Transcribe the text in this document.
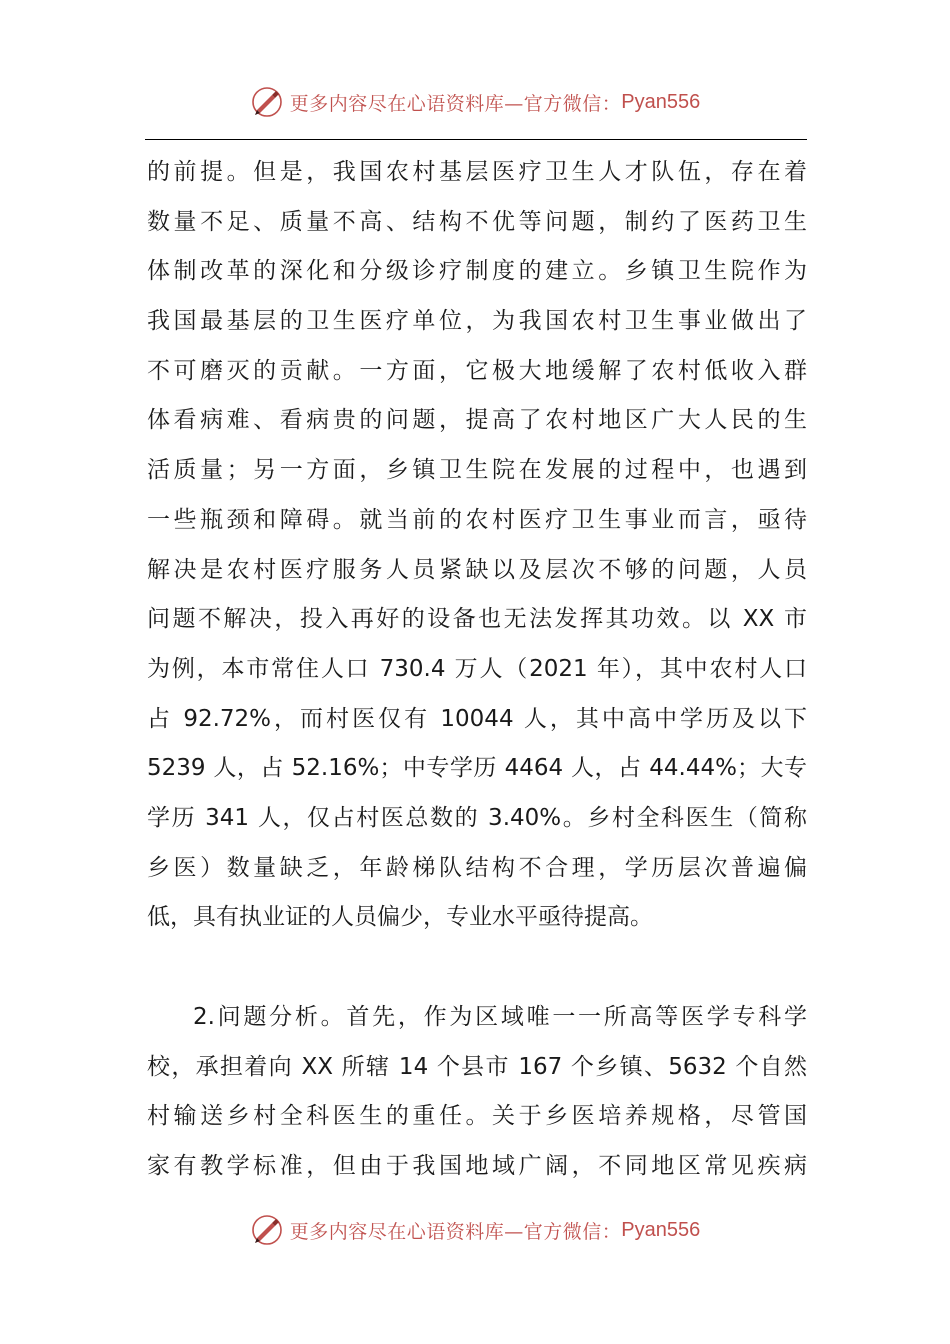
更多内容尽在心语资料库—官方微信： Pyan556
的前提。但是，我国农村基层医疗卫生人才队伍，存在着
数量不足、质量不高、结构不优等问题，制约了医药卫生
体制改革的深化和分级诊疗制度的建立。乡镇卫生院作为
我国最基层的卫生医疗单位，为我国农村卫生事业做出了
不可磨灭的贡献。一方面，它极大地缓解了农村低收入群
体看病难、看病贵的问题，提高了农村地区广大人民的生
活质量；另一方面，乡镇卫生院在发展的过程中，也遇到
一些瓶颈和障碍。就当前的农村医疗卫生事业而言，亟待
解决是农村医疗服务人员紧缺以及层次不够的问题，人员
问题不解决，投入再好的设备也无法发挥其功效。以 XX 市
为例，本市常住人口 730.4 万人（2021 年），其中农村人口
占 92.72%，而村医仅有 10044 人，其中高中学历及以下
5239 人，占 52.16%；中专学历 4464 人，占 44.44%；大专
学历 341 人，仅占村医总数的 3.40%。乡村全科医生（简称
乡医）数量缺乏，年龄梯队结构不合理，学历层次普遍偏
低，具有执业证的人员偏少，专业水平亟待提高。
2.问题分析。首先，作为区域唯一一所高等医学专科学
校，承担着向 XX 所辖 14 个县市 167 个乡镇、5632 个自然
村输送乡村全科医生的重任。关于乡医培养规格，尽管国
家有教学标准，但由于我国地域广阔，不同地区常见疾病
更多内容尽在心语资料库—官方微信： Pyan556
